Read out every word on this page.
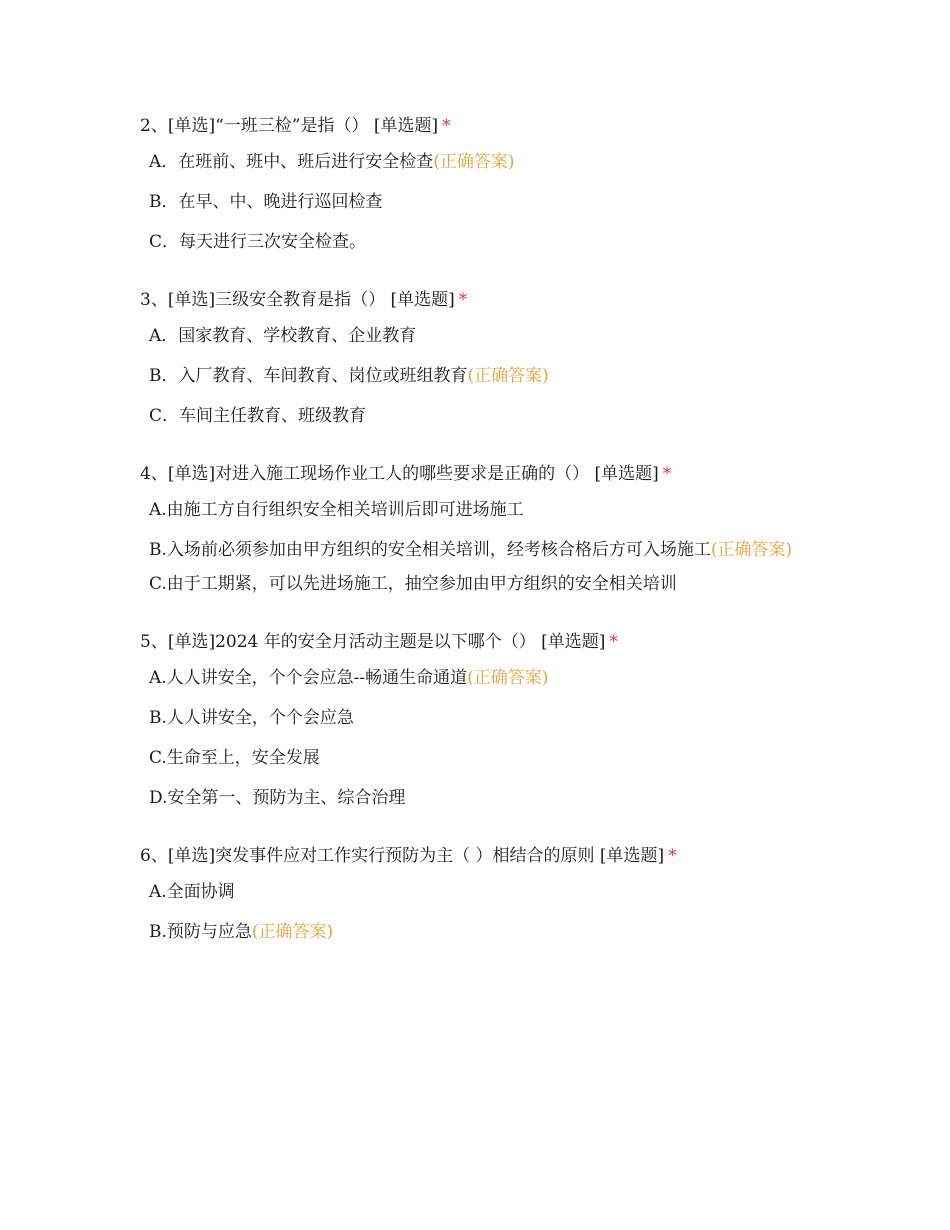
2、[单选]“一班三检”是指（） [单选题] *
A．在班前、班中、班后进行安全检查(正确答案)
B．在早、中、晚进行巡回检查
C．每天进行三次安全检查。
3、[单选]三级安全教育是指（） [单选题] *
A．国家教育、学校教育、企业教育
B．入厂教育、车间教育、岗位或班组教育(正确答案)
C．车间主任教育、班级教育
4、[单选]对进入施工现场作业工人的哪些要求是正确的（） [单选题] *
A.由施工方自行组织安全相关培训后即可进场施工
B.入场前必须参加由甲方组织的安全相关培训，经考核合格后方可入场施工(正确答案)
C.由于工期紧，可以先进场施工，抽空参加由甲方组织的安全相关培训
5、[单选]2024 年的安全月活动主题是以下哪个（） [单选题] *
A.人人讲安全，个个会应急--畅通生命通道(正确答案)
B.人人讲安全，个个会应急
C.生命至上，安全发展
D.安全第一、预防为主、综合治理
6、[单选]突发事件应对工作实行预防为主（ ）相结合的原则 [单选题] *
A.全面协调
B.预防与应急(正确答案)
